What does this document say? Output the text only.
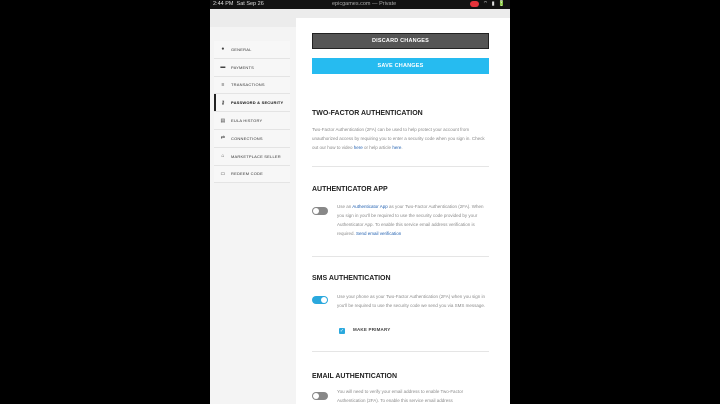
2:44 PM Sat Sep 26	epicgames.com — Private	⌔ ▮ 🔋
●	GENERAL
▬ PAYMENTS
≡	TRANSACTIONS
⚷ PASSWORD & SECURITY
▤ EULA HISTORY
⇄ CONNECTIONS
⌂	MARKETPLACE SELLER
▭ REDEEM CODE
DISCARD CHANGES
SAVE CHANGES
TWO-FACTOR AUTHENTICATION
Two-Factor Authentication (2FA) can be used to help protect your account from unauthorized access by requiring you to enter a security code when you sign in. Check out our how to video here or help article here.
AUTHENTICATOR APP
Use an Authenticator App as your Two-Factor Authentication (2FA). When you sign in you'll be required to use the security code provided by your Authenticator App. To enable this service email address verification is required. Send email verification
SMS AUTHENTICATION
Use your phone as your Two-Factor Authentication (2FA) when you sign in you'll be required to use the security code we send you via SMS message.
✓ MAKE PRIMARY
EMAIL AUTHENTICATION
You will need to verify your email address to enable Two-Factor Authentication (2FA). To enable this service email address
